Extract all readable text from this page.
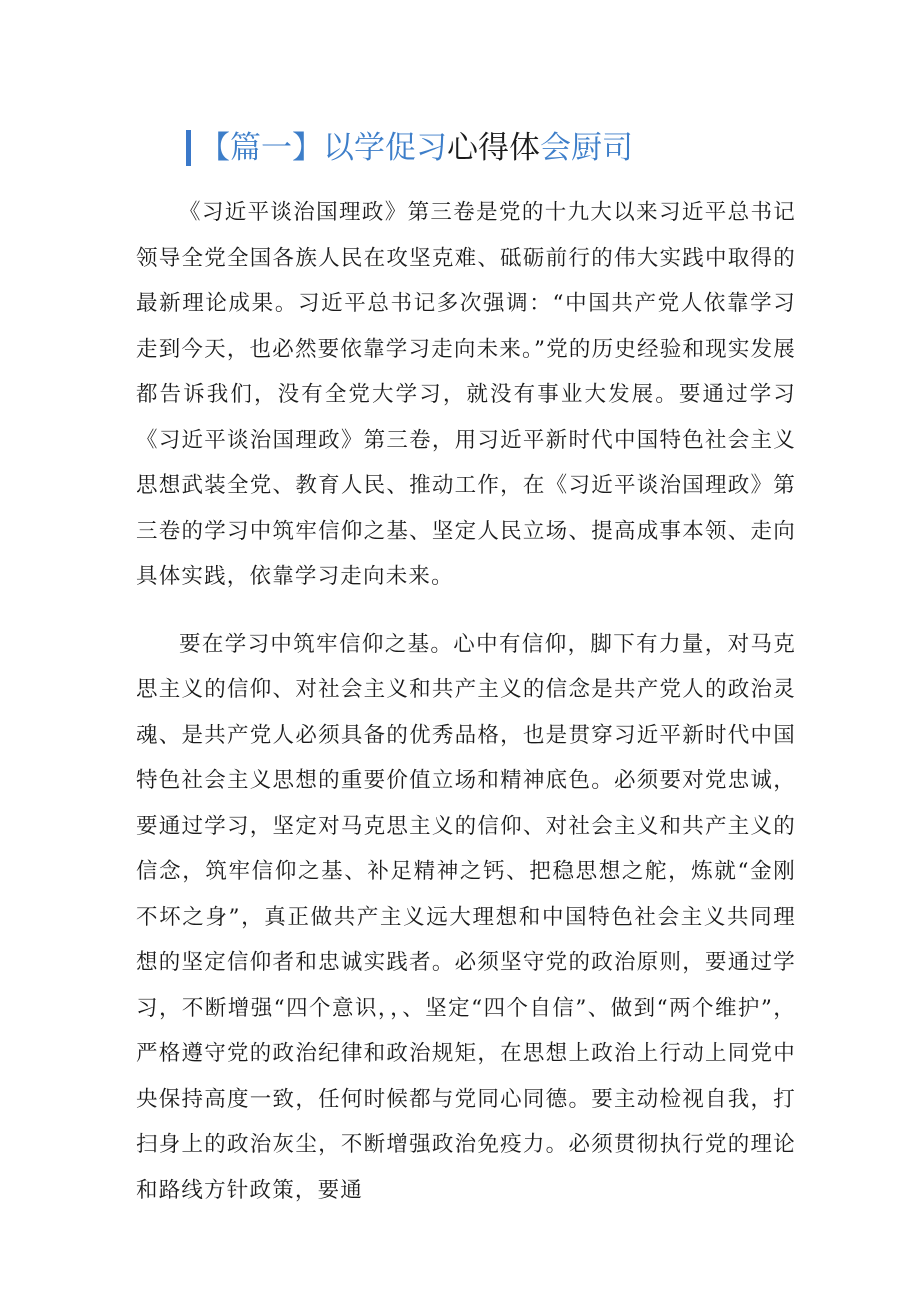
【篇一】以学促习 心得体 会厨司

《习近平谈治国理政》第三卷是党的十九大以来习近平总书记领导全党全国各族人民在攻坚克难、砥砺前行的伟大实践中取得的最新理论成果。习近平总书记多次强调：“中国共产党人依靠学习走到今天，也必然要依靠学习走向未来。”党的历史经验和现实发展都告诉我们，没有全党大学习，就没有事业大发展。要通过学习《习近平谈治国理政》第三卷，用习近平新时代中国特色社会主义思想武装全党、教育人民、推动工作，在《习近平谈治国理政》第三卷的学习中筑牢信仰之基、坚定人民立场、提高成事本领、走向具体实践，依靠学习走向未来。

要在学习中筑牢信仰之基。心中有信仰，脚下有力量，对马克思主义的信仰、对社会主义和共产主义的信念是共产党人的政治灵魂、是共产党人必须具备的优秀品格，也是贯穿习近平新时代中国特色社会主义思想的重要价值立场和精神底色。必须要对党忠诚，要通过学习，坚定对马克思主义的信仰、对社会主义和共产主义的信念，筑牢信仰之基、补足精神之钙、把稳思想之舵，炼就“金刚不坏之身”，真正做共产主义远大理想和中国特色社会主义共同理想的坚定信仰者和忠诚实践者。必须坚守党的政治原则，要通过学习，不断增强“四个意识，，、坚定“四个自信”、做到“两个维护”，严格遵守党的政治纪律和政治规矩，在思想上政治上行动上同党中央保持高度一致，任何时候都与党同心同德。要主动检视自我，打扫身上的政治灰尘，不断增强政治免疫力。必须贯彻执行党的理论和路线方针政策，要通
